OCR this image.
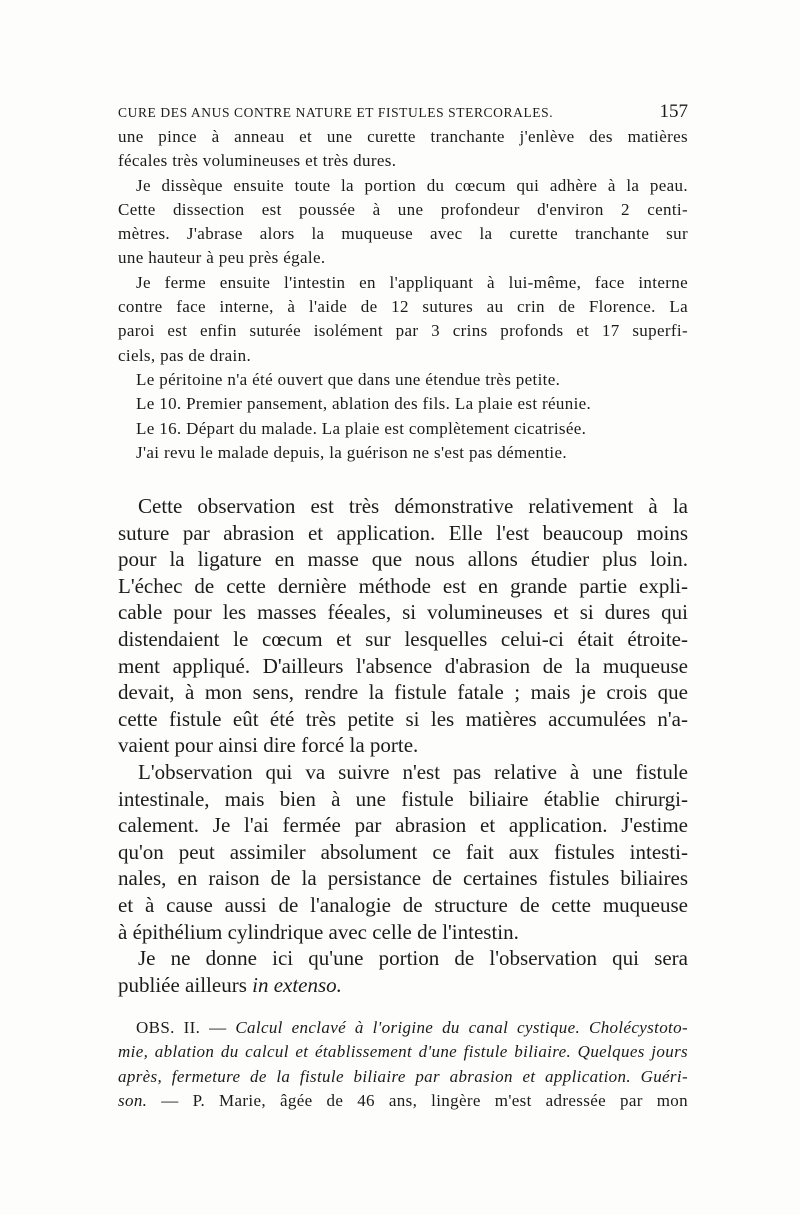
CURE DES ANUS CONTRE NATURE ET FISTULES STERCORALES.	157
une pince à anneau et une curette tranchante j'enlève des matières
fécales très volumineuses et très dures.
Je dissèque ensuite toute la portion du cœcum qui adhère à la peau.
Cette dissection est poussée à une profondeur d'environ 2 centi-
mètres. J'abrase alors la muqueuse avec la curette tranchante sur
une hauteur à peu près égale.
Je ferme ensuite l'intestin en l'appliquant à lui-même, face interne
contre face interne, à l'aide de 12 sutures au crin de Florence. La
paroi est enfin suturée isolément par 3 crins profonds et 17 superfi-
ciels, pas de drain.
Le péritoine n'a été ouvert que dans une étendue très petite.
Le 10. Premier pansement, ablation des fils. La plaie est réunie.
Le 16. Départ du malade. La plaie est complètement cicatrisée.
J'ai revu le malade depuis, la guérison ne s'est pas démentie.
Cette observation est très démonstrative relativement à la
suture par abrasion et application. Elle l'est beaucoup moins
pour la ligature en masse que nous allons étudier plus loin.
L'échec de cette dernière méthode est en grande partie expli-
cable pour les masses féeales, si volumineuses et si dures qui
distendaient le cœcum et sur lesquelles celui-ci était étroite-
ment appliqué. D'ailleurs l'absence d'abrasion de la muqueuse
devait, à mon sens, rendre la fistule fatale ; mais je crois que
cette fistule eût été très petite si les matières accumulées n'a-
vaient pour ainsi dire forcé la porte.
L'observation qui va suivre n'est pas relative à une fistule
intestinale, mais bien à une fistule biliaire établie chirurgi-
calement. Je l'ai fermée par abrasion et application. J'estime
qu'on peut assimiler absolument ce fait aux fistules intesti-
nales, en raison de la persistance de certaines fistules biliaires
et à cause aussi de l'analogie de structure de cette muqueuse
à épithélium cylindrique avec celle de l'intestin.
Je ne donne ici qu'une portion de l'observation qui sera
publiée ailleurs in extenso.
OBS. II. — Calcul enclavé à l'origine du canal cystique. Cholécystoto-
mie, ablation du calcul et établissement d'une fistule biliaire. Quelques jours
après, fermeture de la fistule biliaire par abrasion et application. Guéri-
son. — P. Marie, âgée de 46 ans, lingère m'est adressée par mon
